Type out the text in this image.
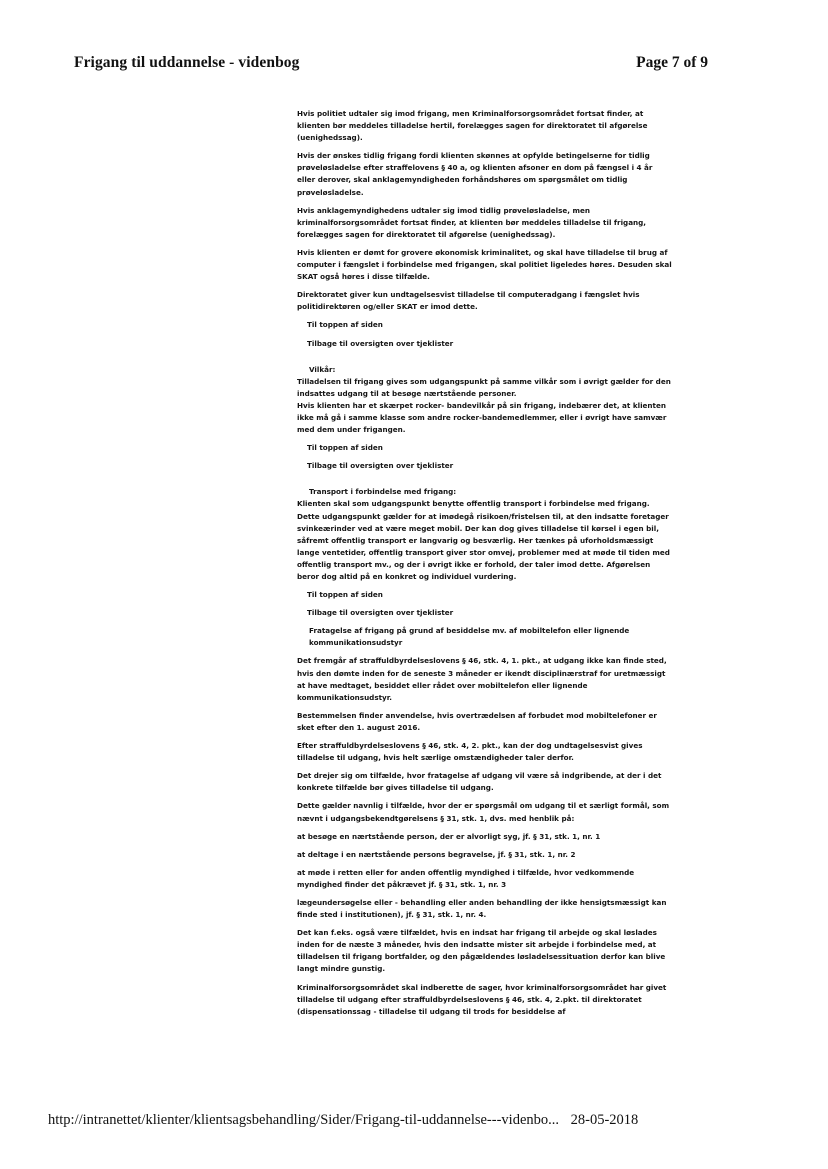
Frigang til uddannelse - videnbog	Page 7 of 9

Hvis politiet udtaler sig imod frigang, men Kriminalforsorgsområdet fortsat finder, at klienten bør meddeles tilladelse hertil, forelægges sagen for direktoratet til afgørelse (uenighedssag).

Hvis der ønskes tidlig frigang fordi klienten skønnes at opfylde betingelserne for tidlig prøveløsladelse efter straffelovens § 40 a, og klienten afsoner en dom på fængsel i 4 år eller derover, skal anklagemyndigheden forhåndshøres om spørgsmålet om tidlig prøveløsladelse.

Hvis anklagemyndighedens udtaler sig imod tidlig prøveløsladelse, men kriminalforsorgsområdet fortsat finder, at klienten bør meddeles tilladelse til frigang, forelægges sagen for direktoratet til afgørelse (uenighedssag).

Hvis klienten er dømt for grovere økonomisk kriminalitet, og skal have tilladelse til brug af computer i fængslet i forbindelse med frigangen, skal politiet ligeledes høres. Desuden skal SKAT også høres i disse tilfælde.

Direktoratet giver kun undtagelsesvist tilladelse til computeradgang i fængslet hvis politidirektøren og/eller SKAT er imod dette.

Til toppen af siden
Tilbage til oversigten over tjeklister
Vilkår:
Tilladelsen til frigang gives som udgangspunkt på samme vilkår som i øvrigt gælder for den indsattes udgang til at besøge nærtstående personer.
Hvis klienten har et skærpet rocker- bandevilkår på sin frigang, indebærer det, at klienten ikke må gå i samme klasse som andre rocker-bandemedlemmer, eller i øvrigt have samvær med dem under frigangen.
Til toppen af siden
Tilbage til oversigten over tjeklister
Transport i forbindelse med frigang:
Klienten skal som udgangspunkt benytte offentlig transport i forbindelse med frigang. Dette udgangspunkt gælder for at imødegå risikoen/fristelsen til, at den indsatte foretager svinkeærinder ved at være meget mobil. Der kan dog gives tilladelse til kørsel i egen bil, såfremt offentlig transport er langvarig og besværlig. Her tænkes på uforholdsmæssigt lange ventetider, offentlig transport giver stor omvej, problemer med at møde til tiden med offentlig transport mv., og der i øvrigt ikke er forhold, der taler imod dette. Afgørelsen beror dog altid på en konkret og individuel vurdering.
Til toppen af siden
Tilbage til oversigten over tjeklister
Fratagelse af frigang på grund af besiddelse mv. af mobiltelefon eller lignende kommunikationsudstyr

Det fremgår af straffuldbyrdelseslovens § 46, stk. 4, 1. pkt., at udgang ikke kan finde sted, hvis den dømte inden for de seneste 3 måneder er ikendt disciplinærstraf for uretmæssigt at have medtaget, besiddet eller rådet over mobiltelefon eller lignende kommunikationsudstyr.

Bestemmelsen finder anvendelse, hvis overtrædelsen af forbudet mod mobiltelefoner er sket efter den 1. august 2016.

Efter straffuldbyrdelseslovens § 46, stk. 4, 2. pkt., kan der dog undtagelsesvist gives tilladelse til udgang, hvis helt særlige omstændigheder taler derfor.

Det drejer sig om tilfælde, hvor fratagelse af udgang vil være så indgribende, at der i det konkrete tilfælde bør gives tilladelse til udgang.

Dette gælder navnlig i tilfælde, hvor der er spørgsmål om udgang til et særligt formål, som nævnt i udgangsbekendtgørelsens § 31, stk. 1, dvs. med henblik på:

at besøge en nærtstående person, der er alvorligt syg, jf. § 31, stk. 1, nr. 1

at deltage i en nærtstående persons begravelse, jf. § 31, stk. 1, nr. 2

at møde i retten eller for anden offentlig myndighed i tilfælde, hvor vedkommende myndighed finder det påkrævet jf. § 31, stk. 1, nr. 3

lægeundersøgelse eller - behandling eller anden behandling der ikke hensigtsmæssigt kan finde sted i institutionen), jf. § 31, stk. 1, nr. 4.

Det kan f.eks. også være tilfældet, hvis en indsat har frigang til arbejde og skal løslades inden for de næste 3 måneder, hvis den indsatte mister sit arbejde i forbindelse med, at tilladelsen til frigang bortfalder, og den pågældendes løsladelsessituation derfor kan blive langt mindre gunstig.

Kriminalforsorgsområdet skal indberette de sager, hvor kriminalforsorgsområdet har givet tilladelse til udgang efter straffuldbyrdelseslovens § 46, stk. 4, 2.pkt. til direktoratet (dispensationssag - tilladelse til udgang til trods for besiddelse af

http://intranettet/klienter/klientsagsbehandling/Sider/Frigang-til-uddannelse---videnbo... 28-05-2018
